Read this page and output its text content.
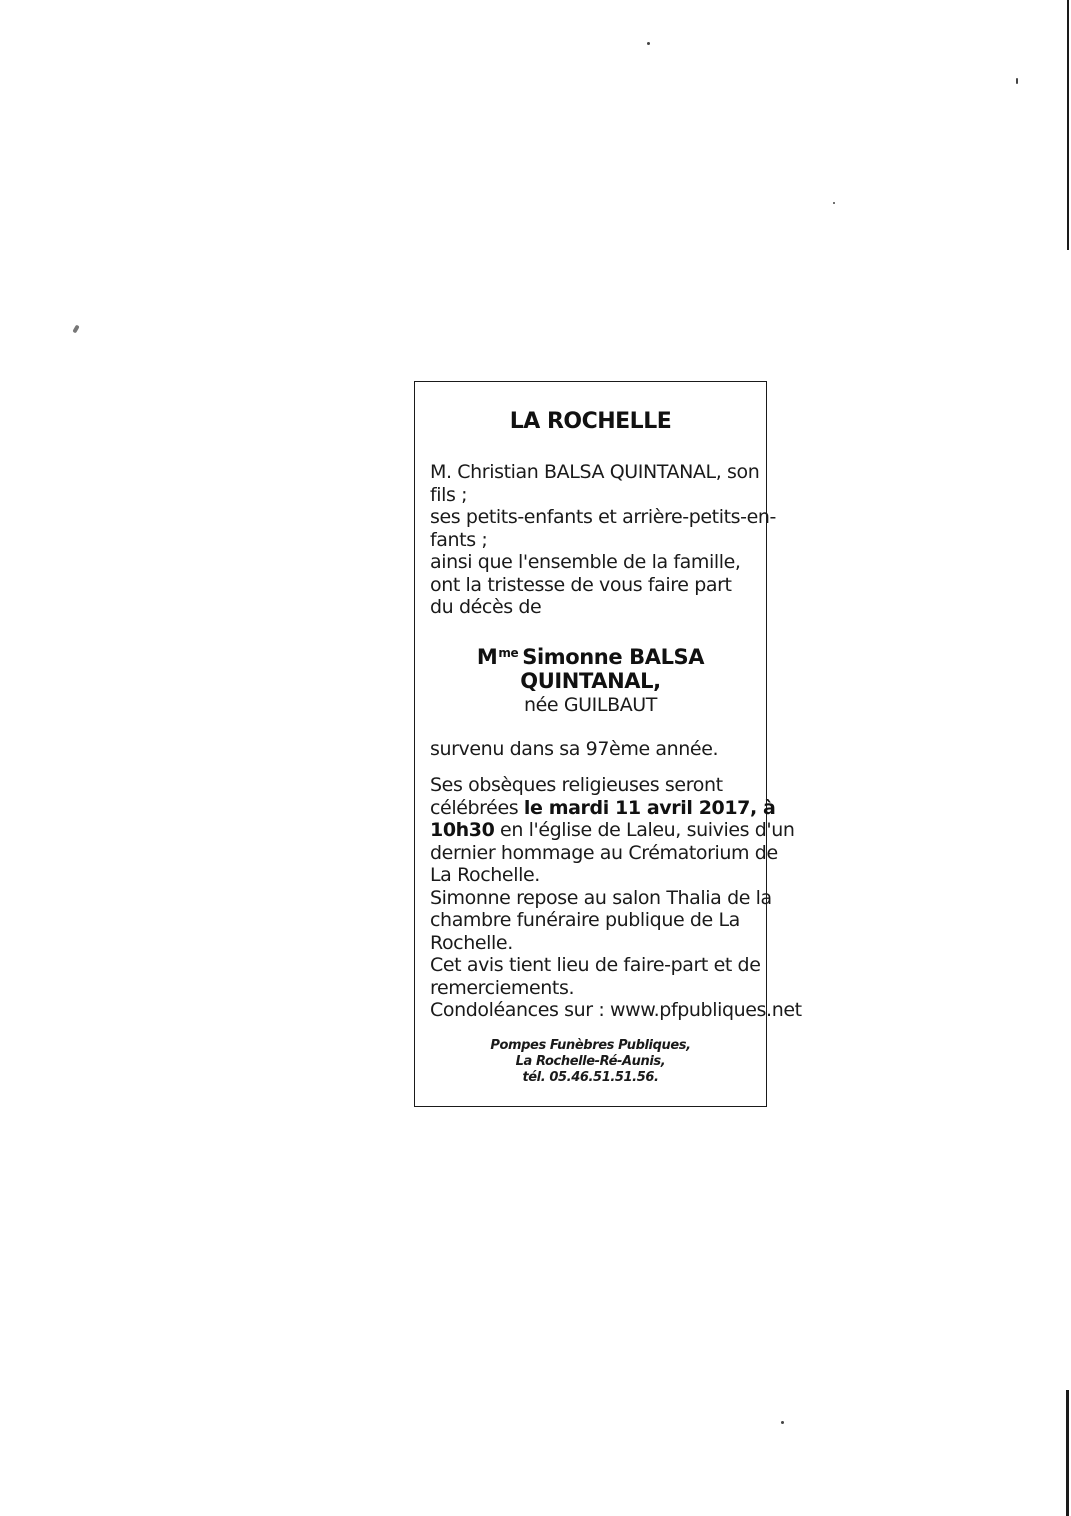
LA ROCHELLE
M. Christian BALSA QUINTANAL, son
fils ;
ses petits-enfants et arrière-petits-en-
fants ;
ainsi que l'ensemble de la famille,
ont la tristesse de vous faire part
du décès de
$M^{me}$ Simonne BALSA
QUINTANAL,
née GUILBAUT
survenu dans sa 97ème année.
Ses obsèques religieuses seront
célébrées le mardi 11 avril 2017, à
10h30 en l'église de Laleu, suivies d'un
dernier hommage au Crématorium de
La Rochelle.
Simonne repose au salon Thalia de la
chambre funéraire publique de La
Rochelle.
Cet avis tient lieu de faire-part et de
remerciements.
Condoléances sur : www.pfpubliques.net
Pompes Funèbres Publiques,
La Rochelle-Ré-Aunis,
tél. 05.46.51.51.56.
